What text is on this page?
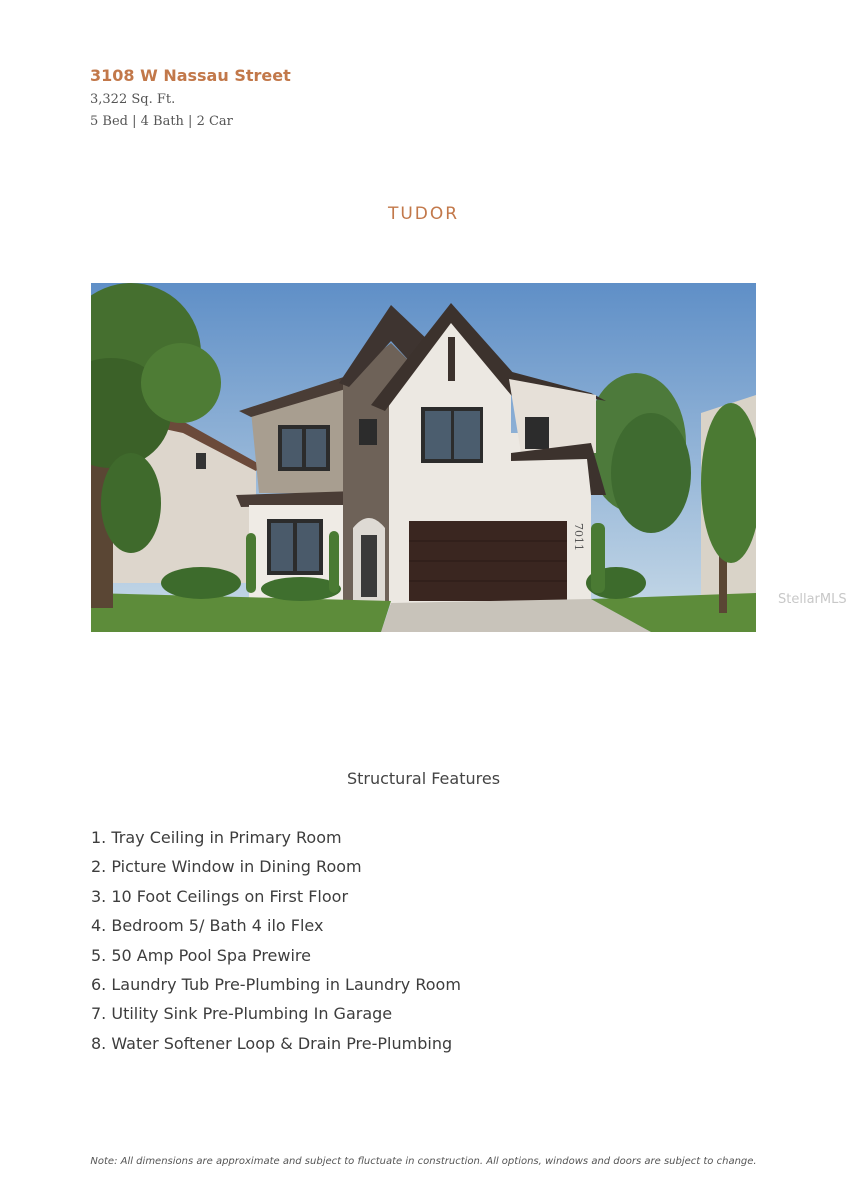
3108 W Nassau Street
3,322 Sq. Ft.
5 Bed | 4 Bath | 2 Car
TUDOR
7011
StellarMLS
Structural Features
1. Tray Ceiling in Primary Room
2. Picture Window in Dining Room
3. 10 Foot Ceilings on First Floor
4. Bedroom 5/ Bath 4 ilo Flex
5. 50 Amp Pool Spa Prewire
6. Laundry Tub Pre-Plumbing in Laundry Room
7. Utility Sink Pre-Plumbing In Garage
8. Water Softener Loop & Drain Pre-Plumbing
Note: All dimensions are approximate and subject to fluctuate in construction. All options, windows and doors are subject to change.
